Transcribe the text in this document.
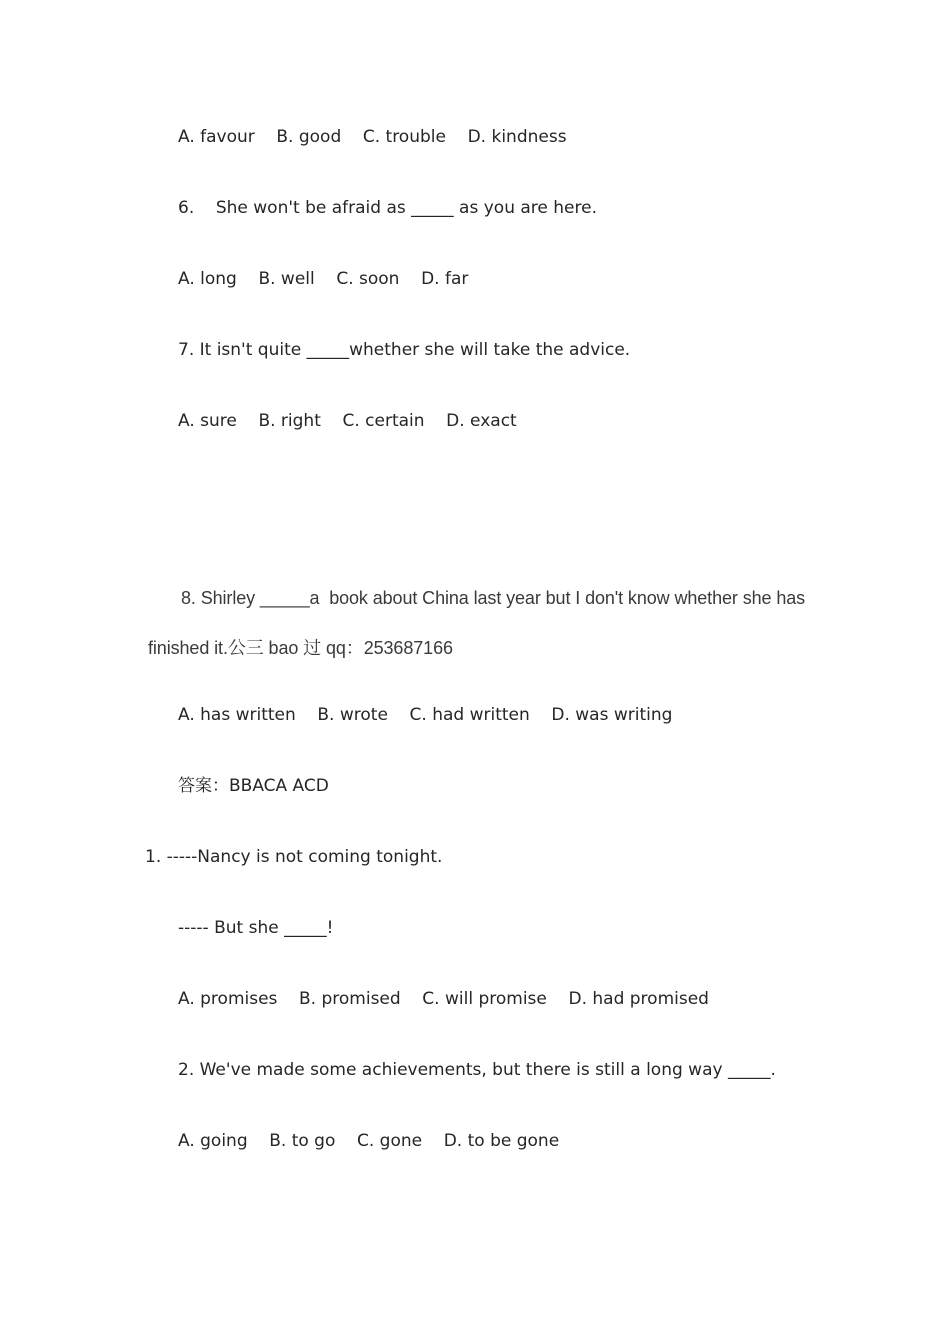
A. favour    B. good    C. trouble    D. kindness
6.    She won't be afraid as _____ as you are here.
A. long    B. well    C. soon    D. far
7. It isn't quite _____whether she will take the advice.
A. sure    B. right    C. certain    D. exact
8. Shirley _____a  book about China last year but I don't know whether she has
finished it.公三 bao 过 qq：253687166
A. has written    B. wrote    C. had written    D. was writing
答案：BBACA ACD
1. -----Nancy is not coming tonight.
----- But she _____!
A. promises    B. promised    C. will promise    D. had promised
2. We've made some achievements, but there is still a long way _____.
A. going    B. to go    C. gone    D. to be gone
